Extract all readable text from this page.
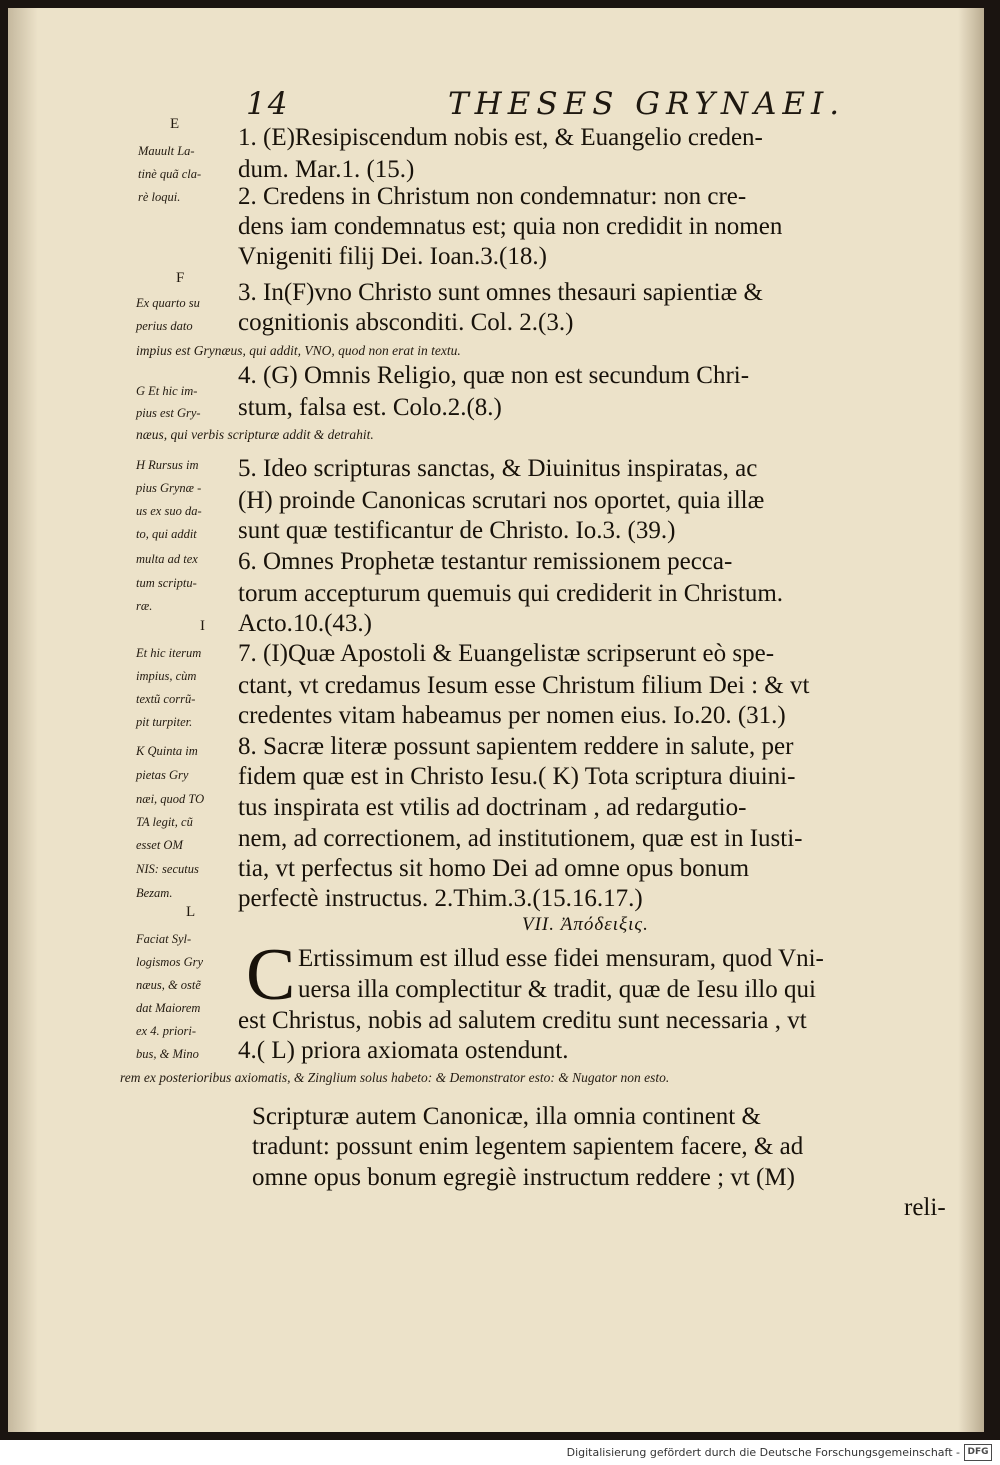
14	THESES GRYNAEI.
E
Mauult La-
tinè quã cla-
rè loqui.
F
Ex quarto su
perius dato
impius est Grynæus, qui addit, VNO, quod non erat in textu.
G Et hic im-
pius est Gry-
næus, qui verbis scripturæ addit & detrahit.
H Rursus im
pius Grynæ -
us ex suo da-
to, qui addit
multa ad tex
tum scriptu-
ræ.
I
Et hic iterum
impius, cùm
textũ corrũ-
pit turpiter.
K Quinta im
pietas Gry
næi, quod TO
TA legit, cũ
esset OM
NIS: secutus
Bezam.
L
Faciat Syl-
logismos Gry
næus, & ostẽ
dat Maiorem
ex 4. priori-
bus, & Mino
rem ex posterioribus axiomatis, & Zinglium solus habeto: & Demonstrator esto: & Nugator non esto.
1. (E)Resipiscendum nobis est, & Euangelio creden-
dum. Mar.1. (15.)
2. Credens in Christum non condemnatur: non cre-
dens iam condemnatus est; quia non credidit in nomen
Vnigeniti filij Dei. Ioan.3.(18.)
3. In(F)vno Christo sunt omnes thesauri sapientiæ &
cognitionis absconditi. Col. 2.(3.)
4. (G) Omnis Religio, quæ non est secundum Chri-
stum, falsa est. Colo.2.(8.)
5. Ideo scripturas sanctas, & Diuinitus inspiratas, ac
(H) proinde Canonicas scrutari nos oportet, quia illæ
sunt quæ testificantur de Christo. Io.3. (39.)
6. Omnes Prophetæ testantur remissionem pecca-
torum accepturum quemuis qui crediderit in Christum.
Acto.10.(43.)
7. (I)Quæ Apostoli & Euangelistæ scripserunt eò spe-
ctant, vt credamus Iesum esse Christum filium Dei : & vt
credentes vitam habeamus per nomen eius. Io.20. (31.)
8. Sacræ literæ possunt sapientem reddere in salute, per
fidem quæ est in Christo Iesu.( K) Tota scriptura diuini-
tus inspirata est vtilis ad doctrinam , ad redargutio-
nem, ad correctionem, ad institutionem, quæ est in Iusti-
tia, vt perfectus sit homo Dei ad omne opus bonum
perfectè instructus. 2.Thim.3.(15.16.17.)
VII. Ἀπόδειξις.
C Ertissimum est illud esse fidei mensuram, quod Vni-
uersa illa complectitur & tradit, quæ de Iesu illo qui
est Christus, nobis ad salutem creditu sunt necessaria , vt
4.( L) priora axiomata ostendunt.
Scripturæ autem Canonicæ, illa omnia continent &
tradunt: possunt enim legentem sapientem facere, & ad
omne opus bonum egregiè instructum reddere ; vt (M)
reli-
Digitalisierung gefördert durch die Deutsche Forschungsgemeinschaft - DFG
